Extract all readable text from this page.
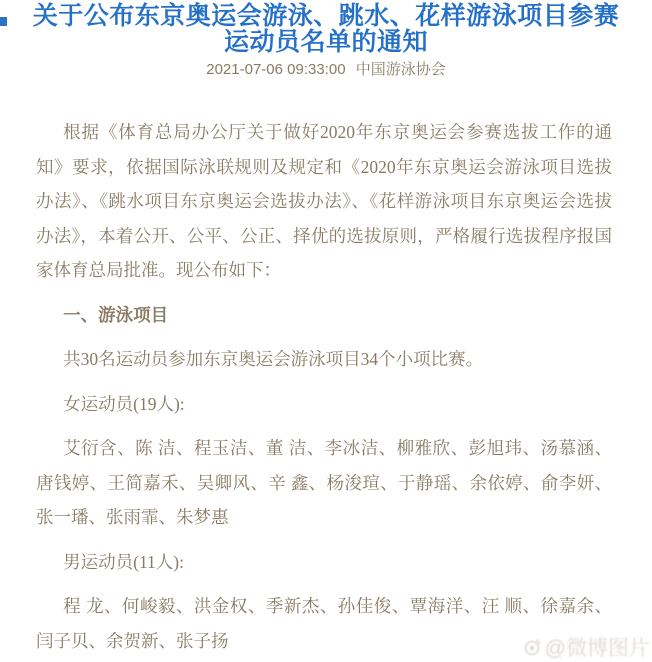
关于公布东京奥运会游泳、跳水、花样游泳项目参赛运动员名单的通知
2021-07-06 09:33:00 中国游泳协会

根据《体育总局办公厅关于做好2020年东京奥运会参赛选拔工作的通知》要求，依据国际泳联规则及规定和《2020年东京奥运会游泳项目选拔办法》、《跳水项目东京奥运会选拔办法》、《花样游泳项目东京奥运会选拔办法》，本着公开、公平、公正、择优的选拔原则，严格履行选拔程序报国家体育总局批准。现公布如下：

一、游泳项目

共30名运动员参加东京奥运会游泳项目34个小项比赛。

女运动员(19人):

艾衍含、陈 洁、程玉洁、董 洁、李冰洁、柳雅欣、彭旭玮、汤慕涵、唐钱婷、王简嘉禾、吴卿风、辛 鑫、杨浚瑄、于静瑶、余依婷、俞李妍、张一璠、张雨霏、朱梦惠

男运动员(11人):

程 龙、何峻毅、洪金权、季新杰、孙佳俊、覃海洋、汪 顺、徐嘉余、闫子贝、余贺新、张子扬	@微博图片
